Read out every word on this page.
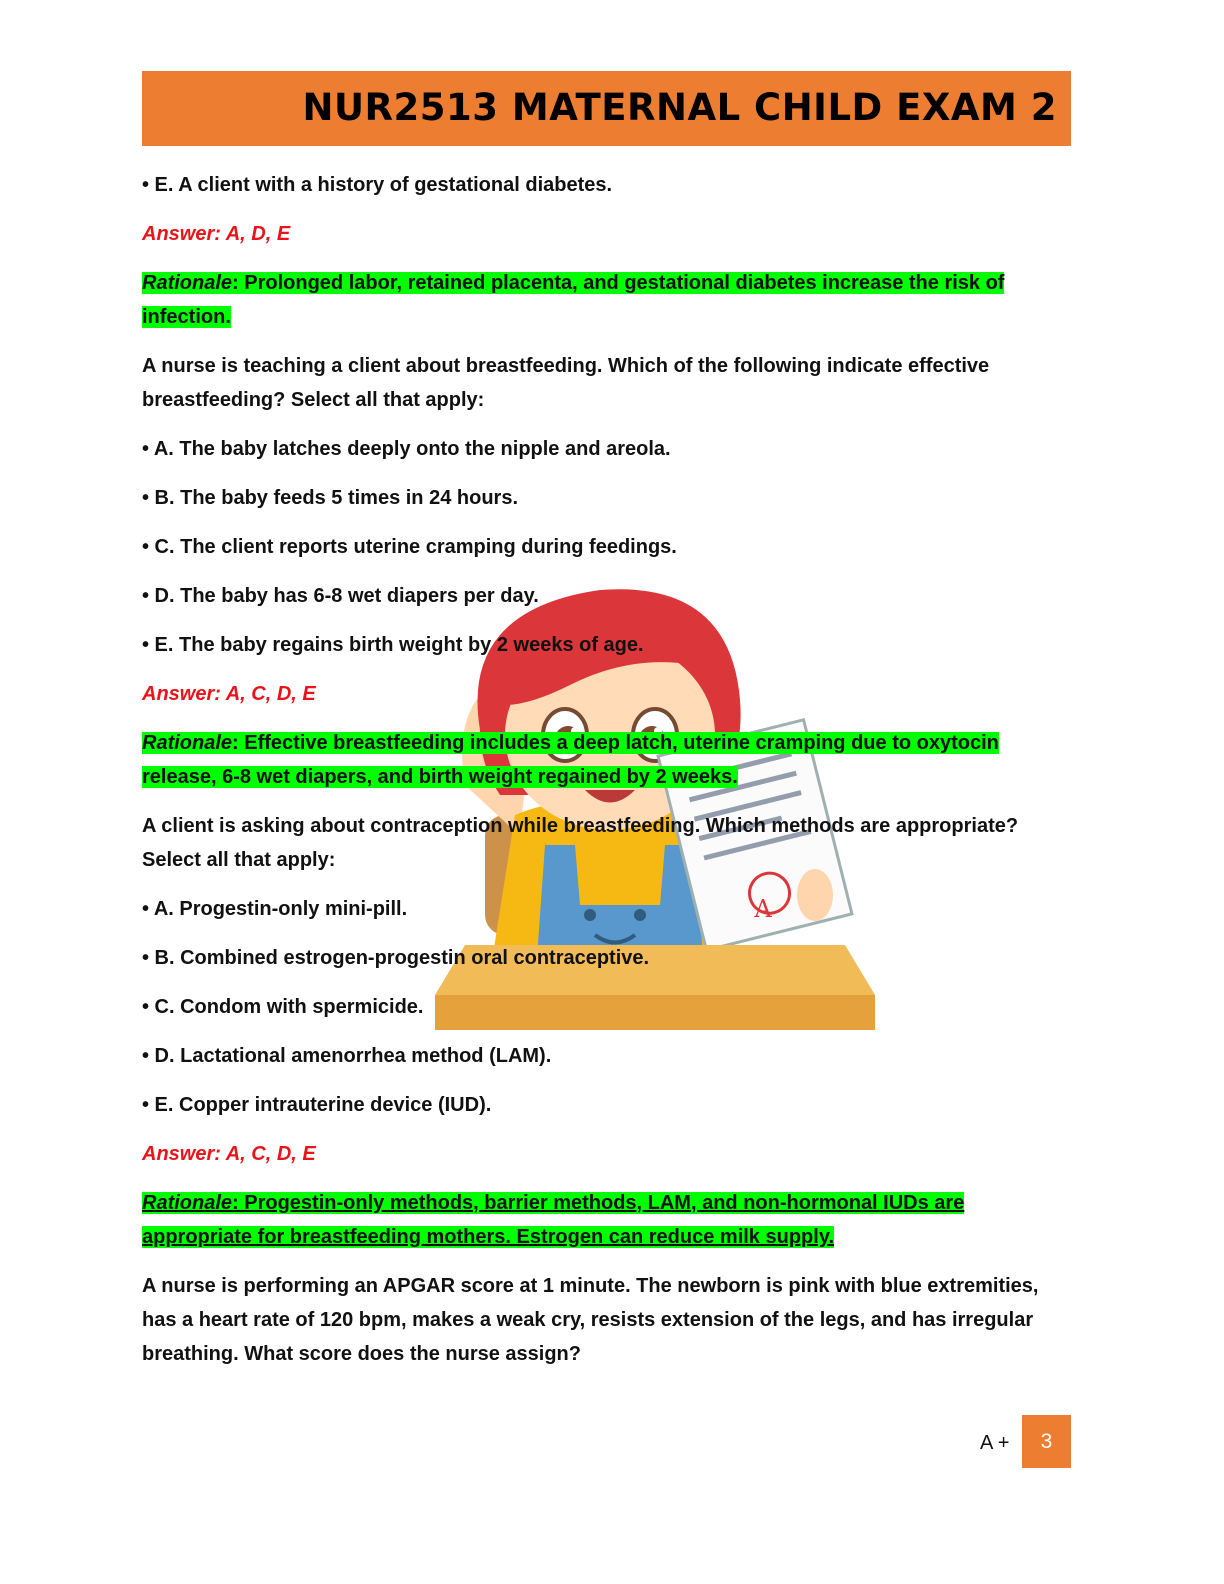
NUR2513 MATERNAL CHILD EXAM 2
A

• E. A client with a history of gestational diabetes.

Answer: A, D, E

Rationale: Prolonged labor, retained placenta, and gestational diabetes increase the risk of infection.

A nurse is teaching a client about breastfeeding. Which of the following indicate effective breastfeeding? Select all that apply:

• A. The baby latches deeply onto the nipple and areola.

• B. The baby feeds 5 times in 24 hours.

• C. The client reports uterine cramping during feedings.

• D. The baby has 6-8 wet diapers per day.

• E. The baby regains birth weight by 2 weeks of age.

Answer: A, C, D, E

Rationale: Effective breastfeeding includes a deep latch, uterine cramping due to oxytocin release, 6-8 wet diapers, and birth weight regained by 2 weeks.

A client is asking about contraception while breastfeeding. Which methods are appropriate? Select all that apply:

• A. Progestin-only mini-pill.

• B. Combined estrogen-progestin oral contraceptive.

• C. Condom with spermicide.

• D. Lactational amenorrhea method (LAM).

• E. Copper intrauterine device (IUD).

Answer: A, C, D, E

Rationale: Progestin-only methods, barrier methods, LAM, and non-hormonal IUDs are appropriate for breastfeeding mothers. Estrogen can reduce milk supply.

A nurse is performing an APGAR score at 1 minute. The newborn is pink with blue extremities, has a heart rate of 120 bpm, makes a weak cry, resists extension of the legs, and has irregular breathing. What score does the nurse assign?

A +	3
